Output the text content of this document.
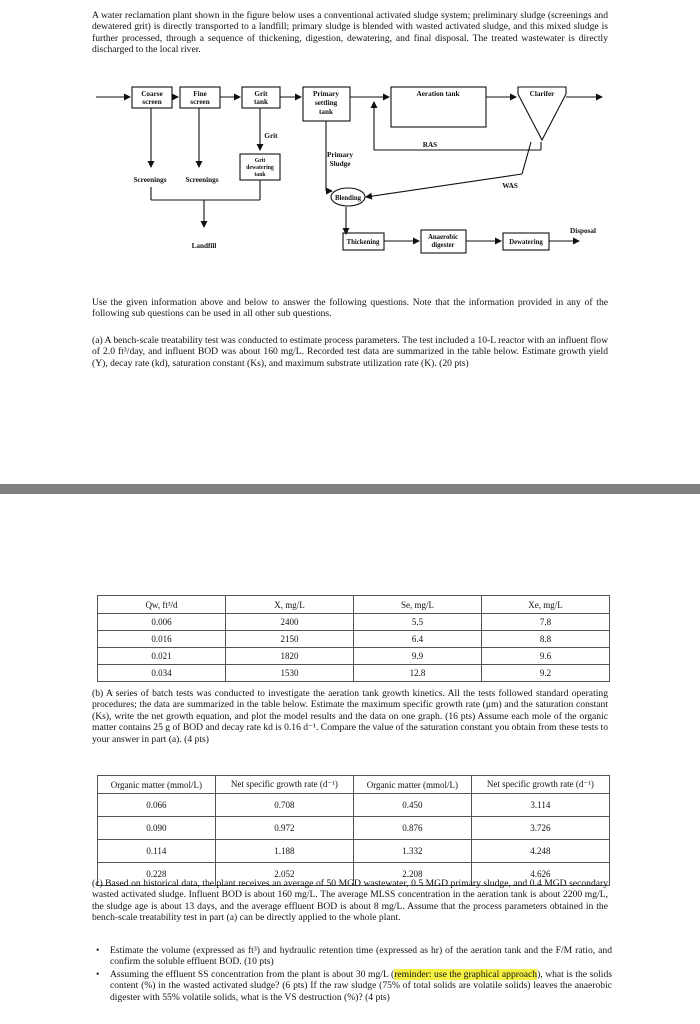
A water reclamation plant shown in the figure below uses a conventional activated sludge system; preliminary sludge (screenings and dewatered grit) is directly transported to a landfill; primary sludge is blended with wasted activated sludge, and this mixed sludge is further processed, through a sequence of thickening, digestion, dewatering, and final disposal. The treated wastewater is directly discharged to the local river.

Coarse
screen
Fine
screen
Grit
tank
Primary
settling
tank
Aeration tank	Clarifer
Grit
Grit
dewatering
tank
Primary
Sludge
RAS
WAS
Screenings	Screenings
Blending
Landfill	Thickening
Anaerobic
digester	Dewatering
Disposal

Use the given information above and below to answer the following questions. Note that the information provided in any of the following sub questions can be used in all other sub questions.

(a) A bench-scale treatability test was conducted to estimate process parameters. The test included a 10-L reactor with an influent flow of 2.0 ft³/day, and influent BOD was about 160 mg/L. Recorded test data are summarized in the table below. Estimate growth yield (Y), decay rate (kd), saturation constant (Ks), and maximum substrate utilization rate (K). (20 pts)

Qw, ft³/d	X, mg/L	Se, mg/L	Xe, mg/L
0.006	2400	5.5	7.8
0.016	2150	6.4	8.8
0.021	1820	9.9	9.6
0.034	1530	12.8	9.2

(b) A series of batch tests was conducted to investigate the aeration tank growth kinetics. All the tests followed standard operating procedures; the data are summarized in the table below. Estimate the maximum specific growth rate (μm) and the saturation constant (Ks), write the net growth equation, and plot the model results and the data on one graph. (16 pts) Assume each mole of the organic matter contains 25 g of BOD and decay rate kd is 0.16 d⁻¹. Compare the value of the saturation constant you obtain from these tests to your answer in part (a). (4 pts)

Organic matter (mmol/L)	Net specific growth rate (d⁻¹)	Organic matter (mmol/L)	Net specific growth rate (d⁻¹)
0.066	0.708	0.450	3.114
0.090	0.972	0.876	3.726
0.114	1.188	1.332	4.248
0.228	2.052	2.208	4.626

(c) Based on historical data, the plant receives an average of 50 MGD wastewater, 0.5 MGD primary sludge, and 0.4 MGD secondary wasted activated sludge. Influent BOD is about 160 mg/L. The average MLSS concentration in the aeration tank is about 2200 mg/L, the sludge age is about 13 days, and the average effluent BOD is about 8 mg/L. Assume that the process parameters obtained in the bench-scale treatability test in part (a) can be directly applied to the whole plant.

• Estimate the volume (expressed as ft³) and hydraulic retention time (expressed as hr) of the aeration tank and the F/M ratio, and confirm the soluble effluent BOD. (10 pts)
• Assuming the effluent SS concentration from the plant is about 30 mg/L (reminder: use the graphical approach), what is the solids content (%) in the wasted activated sludge? (6 pts) If the raw sludge (75% of total solids are volatile solids) leaves the anaerobic digester with 55% volatile solids, what is the VS destruction (%)? (4 pts)
